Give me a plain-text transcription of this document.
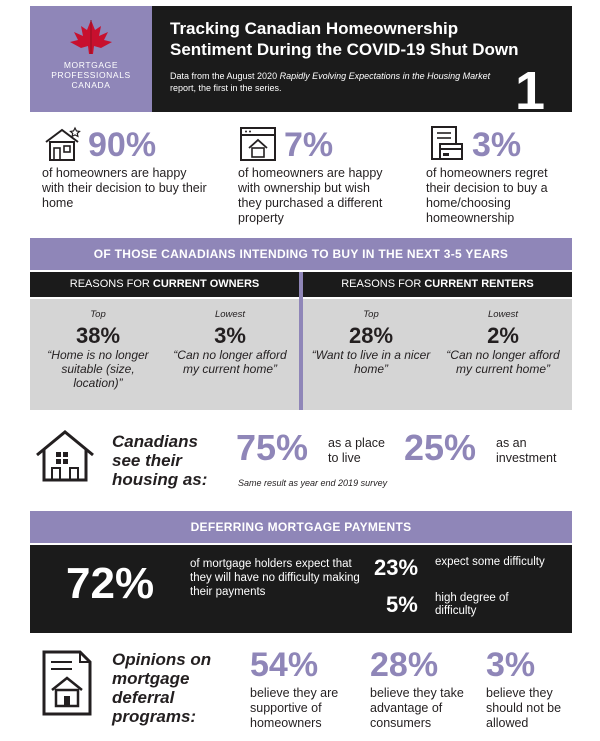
MORTGAGE
PROFESSIONALS
CANADA
Tracking Canadian Homeownership
Sentiment During the COVID-19 Shut Down
Data from the August 2020 Rapidly Evolving Expectations in the Housing Market report, the first in the series.	1
90%
of homeowners are happy with their decision to buy their home
7%
of homeowners are happy with ownership but wish they purchased a different property
3%
of homeowners regret their decision to buy a home/choosing homeownership
OF THOSE CANADIANS INTENDING TO BUY IN THE NEXT 3-5 YEARS
REASONS FOR CURRENT OWNERS
Top
38%
“Home is no longer suitable (size, location)”
Lowest
3%
“Can no longer afford my current home”
REASONS FOR CURRENT RENTERS
Top
28%
“Want to live in a nicer home”
Lowest
2%
“Can no longer afford my current home”
Canadians see their housing as:
75% as a place to live	25% as an investment
Same result as year end 2019 survey
DEFERRING MORTGAGE PAYMENTS
72%	of mortgage holders expect that they will have no difficulty making their payments
23% expect some difficulty
5% high degree of difficulty
Opinions on mortgage deferral programs:
54%
believe they are supportive of homeowners
28%
believe they take advantage of consumers
3%
believe they should not be allowed
